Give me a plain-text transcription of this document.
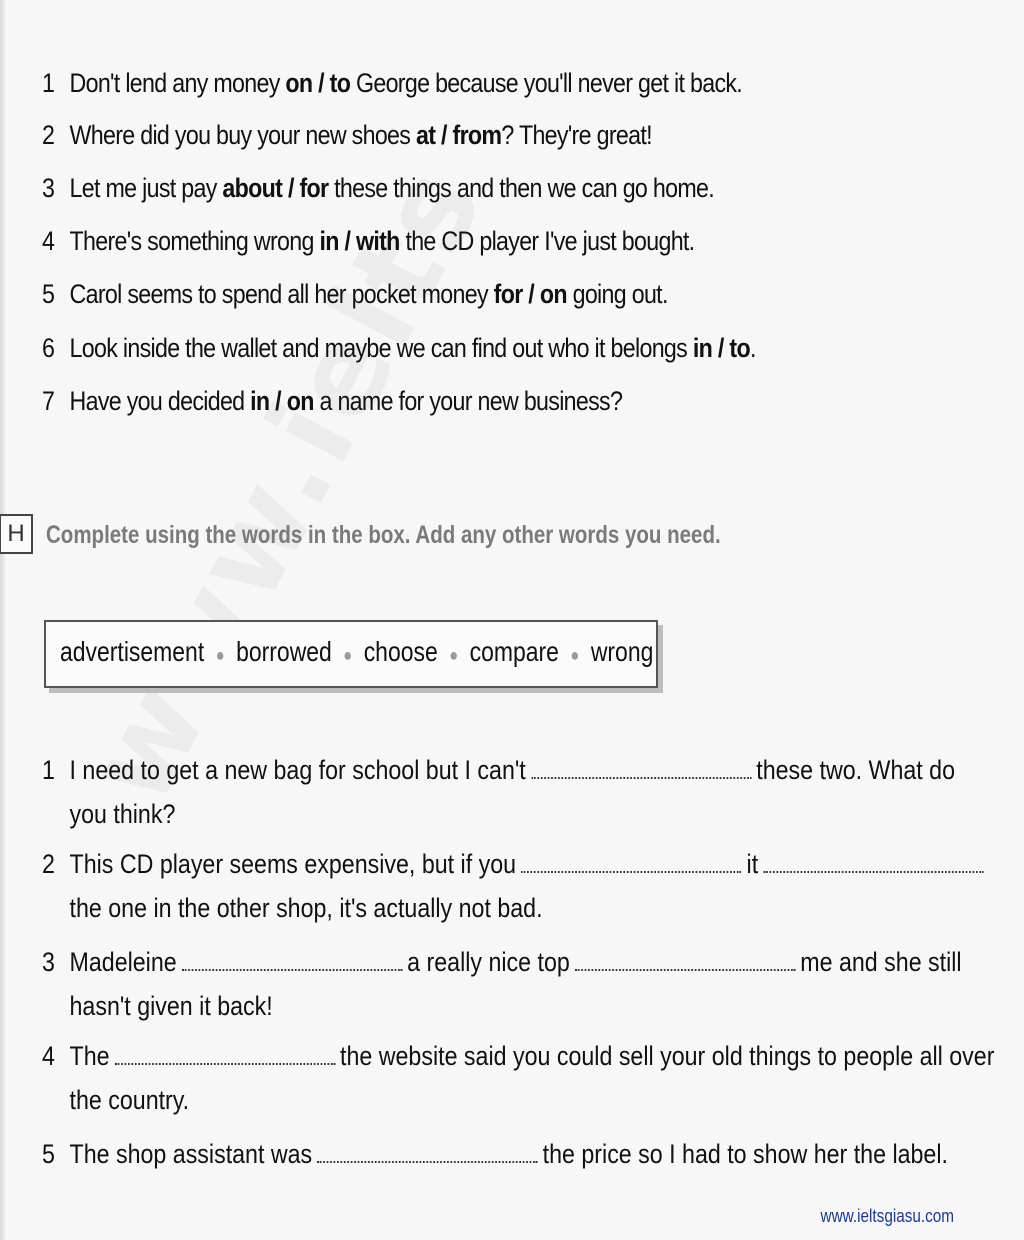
1 Don't lend any money on / to George because you'll never get it back.
2 Where did you buy your new shoes at / from? They're great!
3 Let me just pay about / for these things and then we can go home.
4 There's something wrong in / with the CD player I've just bought.
5 Carol seems to spend all her pocket money for / on going out.
6 Look inside the wallet and maybe we can find out who it belongs in / to.
7 Have you decided in / on a name for your new business?
H Complete using the words in the box. Add any other words you need.
advertisement ● borrowed ● choose ● compare ● wrong
1 I need to get a new bag for school but I can't	these two. What do
you think?
2 This CD player seems expensive, but if you	it
the one in the other shop, it's actually not bad.
3 Madeleine	a really nice top	me and she still
hasn't given it back!
4 The	the website said you could sell your old things to people all over
the country.
5 The shop assistant was	the price so I had to show her the label.
www.ieltsgiasu.com
